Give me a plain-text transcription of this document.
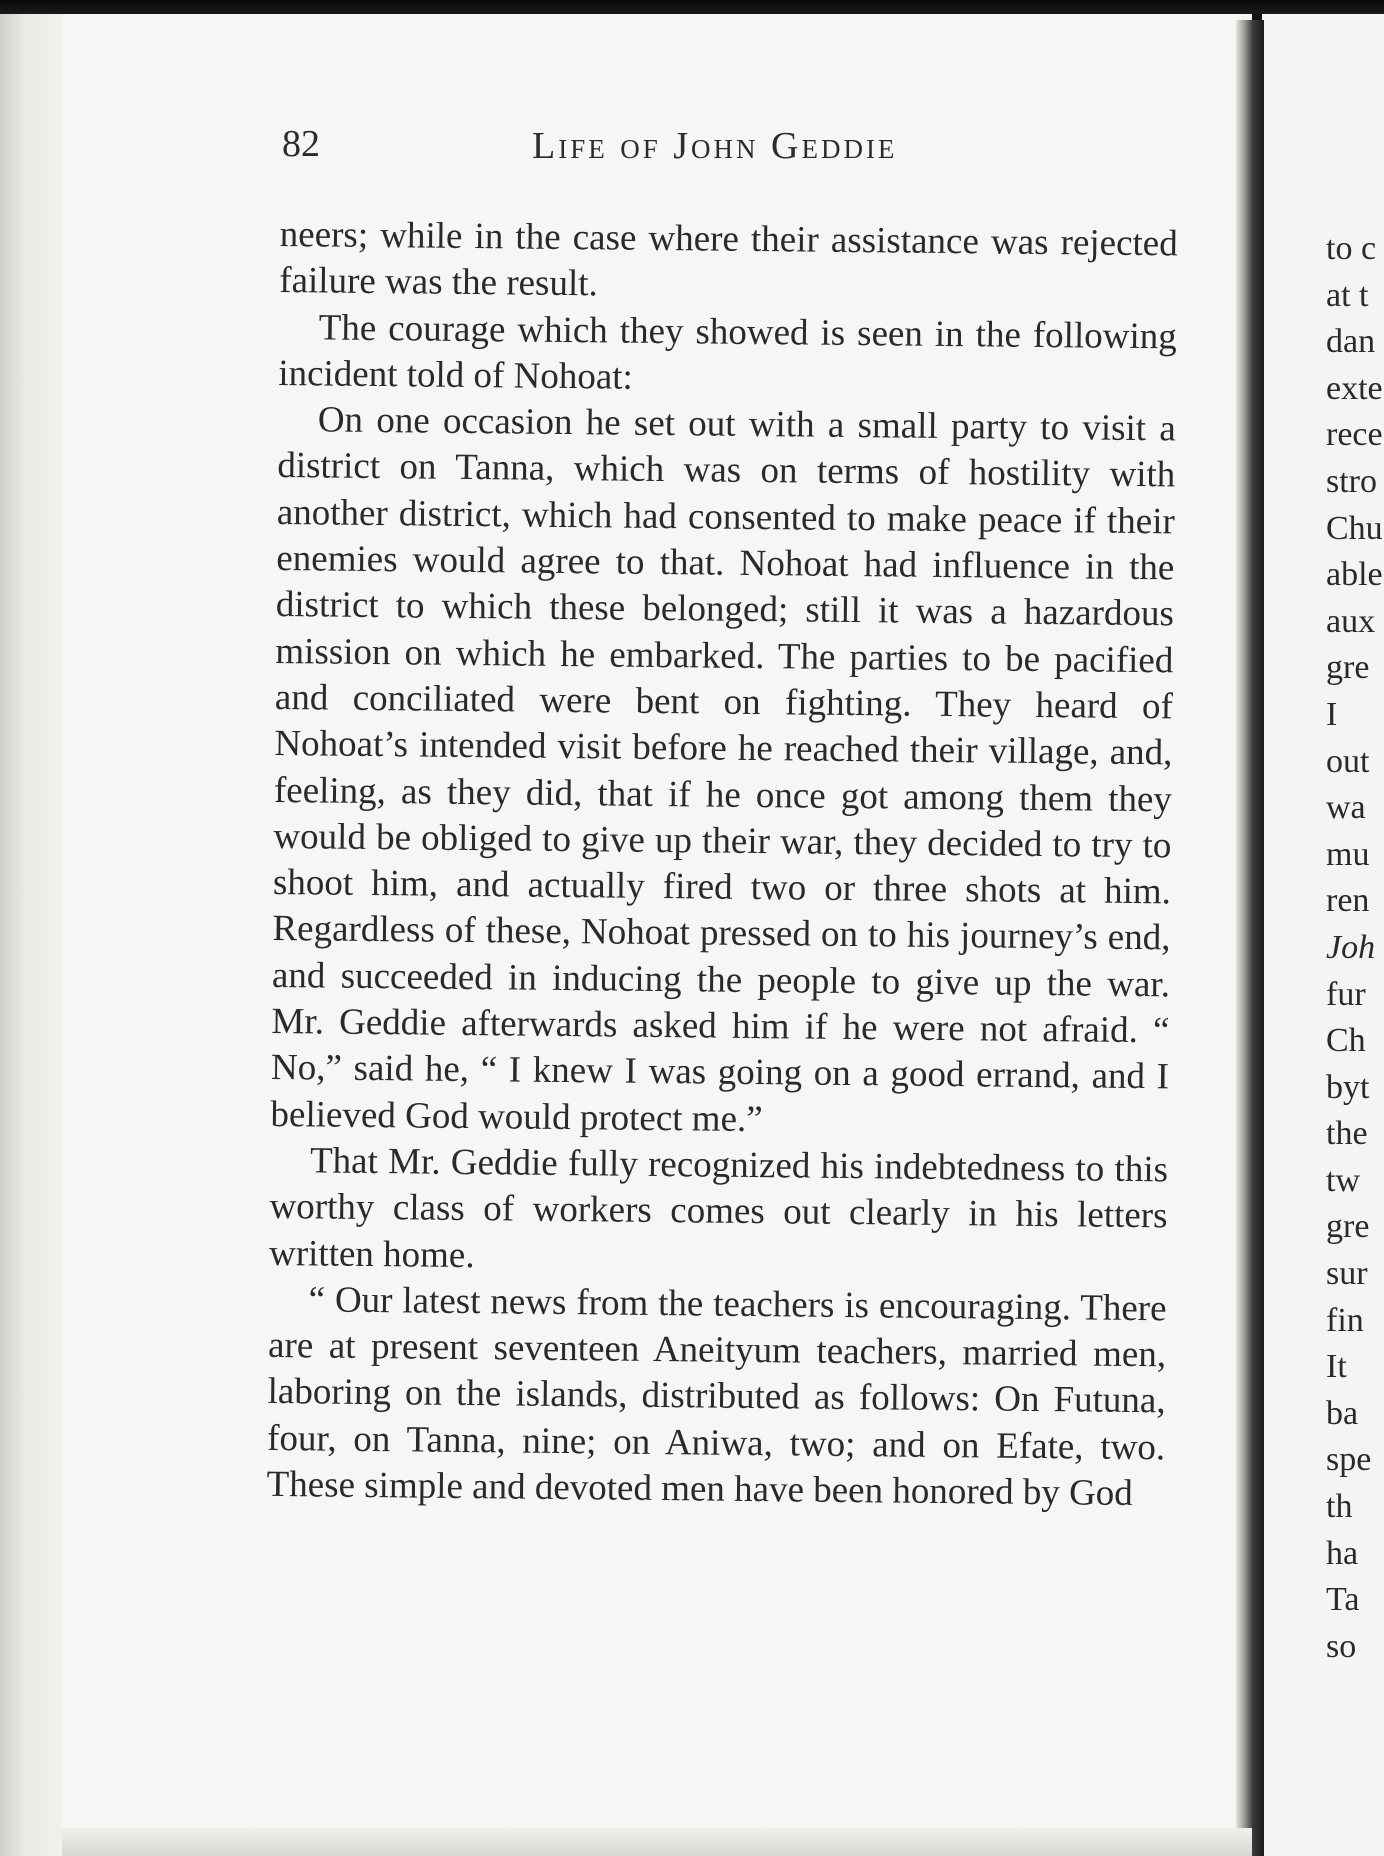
82	Life of John Geddie

neers; while in the case where their assistance was rejected failure was the result.

The courage which they showed is seen in the following incident told of Nohoat:

On one occasion he set out with a small party to visit a district on Tanna, which was on terms of hostility with another district, which had consented to make peace if their enemies would agree to that. Nohoat had influence in the district to which these belonged; still it was a hazardous mission on which he embarked. The parties to be pacified and conciliated were bent on fighting. They heard of Nohoat’s intended visit before he reached their village, and, feeling, as they did, that if he once got among them they would be obliged to give up their war, they decided to try to shoot him, and actually fired two or three shots at him. Regardless of these, Nohoat pressed on to his journey’s end, and succeeded in inducing the people to give up the war. Mr. Geddie afterwards asked him if he were not afraid. “ No,” said he, “ I knew I was going on a good errand, and I believed God would protect me.”

That Mr. Geddie fully recognized his indebtedness to this worthy class of workers comes out clearly in his letters written home.

“ Our latest news from the teachers is encouraging. There are at present seventeen Aneityum teachers, married men, laboring on the islands, distributed as follows: On Futuna, four, on Tanna, nine; on Aniwa, two; and on Efate, two. These simple and devoted men have been honored by God

to c
at t
dan
exte
rece
stro
Chu
able
aux
gre
I
out
wa
mu
ren
Joh
fur
Ch
byt
the
tw
gre
sur
fin
It
ba
spe
th
ha
Ta
so
